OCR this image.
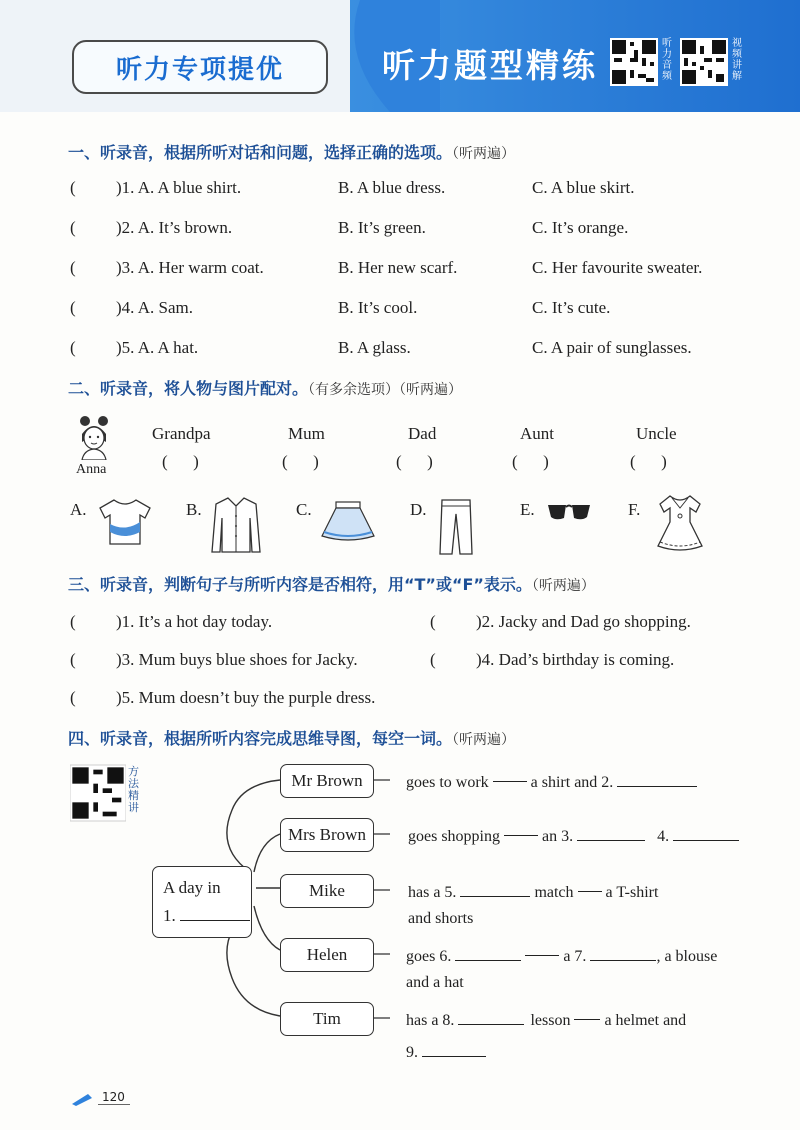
听力专项提优	听力题型精练
听力音频
视频讲解
一、听录音，根据所听对话和问题，选择正确的选项。（听两遍）
( )1. A. A blue shirt.	B. A blue dress.	C. A blue skirt.
( )2. A. It’s brown.	B. It’s green.	C. It’s orange.
( )3. A. Her warm coat.	B. Her new scarf.	C. Her favourite sweater.
( )4. A. Sam.	B. It’s cool.	C. It’s cute.
( )5. A. A hat.	B. A glass.	C. A pair of sunglasses.
二、听录音，将人物与图片配对。（有多余选项）（听两遍）
Anna
Grandpa	Mum	Dad	Aunt	Uncle
(      )	(      )	(      )	(      )	(      )
A.	B.	C.	D.	E.	F.
三、听录音，判断句子与所听内容是否相符，用“T”或“F”表示。（听两遍）
( )1. It’s a hot day today.	( )2. Jacky and Dad go shopping.
( )3. Mum buys blue shoes for Jacky.	( )4. Dad’s birthday is coming.
( )5. Mum doesn’t buy the purple dress.
四、听录音，根据所听内容完成思维导图，每空一词。（听两遍）
方法精讲
A day in
1.
Mr Brown
Mrs Brown
Mike
Helen
Tim
goes to work	a shirt and 2.
goes shopping	an 3.	4.
has a 5.	match a T-shirt
and shorts
goes 6.	a 7.	, a blouse
and a hat
has a 8.	lesson a helmet and
9.
120
